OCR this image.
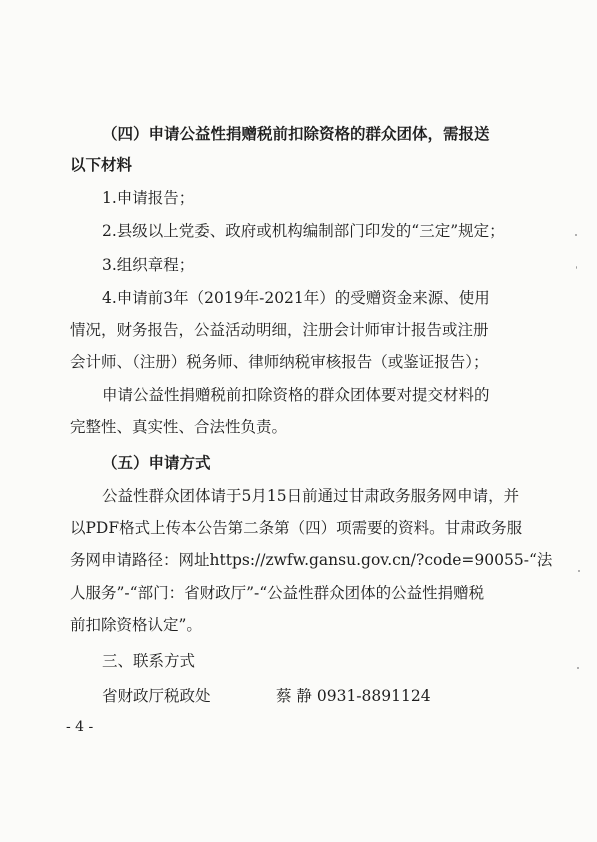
（四）申请公益性捐赠税前扣除资格的群众团体，需报送
以下材料
1.申请报告；
2.县级以上党委、政府或机构编制部门印发的“三定”规定；
3.组织章程；
4.申请前3年（2019年-2021年）的受赠资金来源、使用
情况，财务报告，公益活动明细，注册会计师审计报告或注册
会计师、（注册）税务师、律师纳税审核报告（或鉴证报告）；
申请公益性捐赠税前扣除资格的群众团体要对提交材料的
完整性、真实性、合法性负责。
（五）申请方式
公益性群众团体请于5月15日前通过甘肃政务服务网申请，并
以PDF格式上传本公告第二条第（四）项需要的资料。甘肃政务服
务网申请路径：网址https://zwfw.gansu.gov.cn/?code=90055-“法
人服务”-“部门：省财政厅”-“公益性群众团体的公益性捐赠税
前扣除资格认定”。
三、联系方式
省财政厅税政处	蔡 静 0931-8891124
- 4 -
